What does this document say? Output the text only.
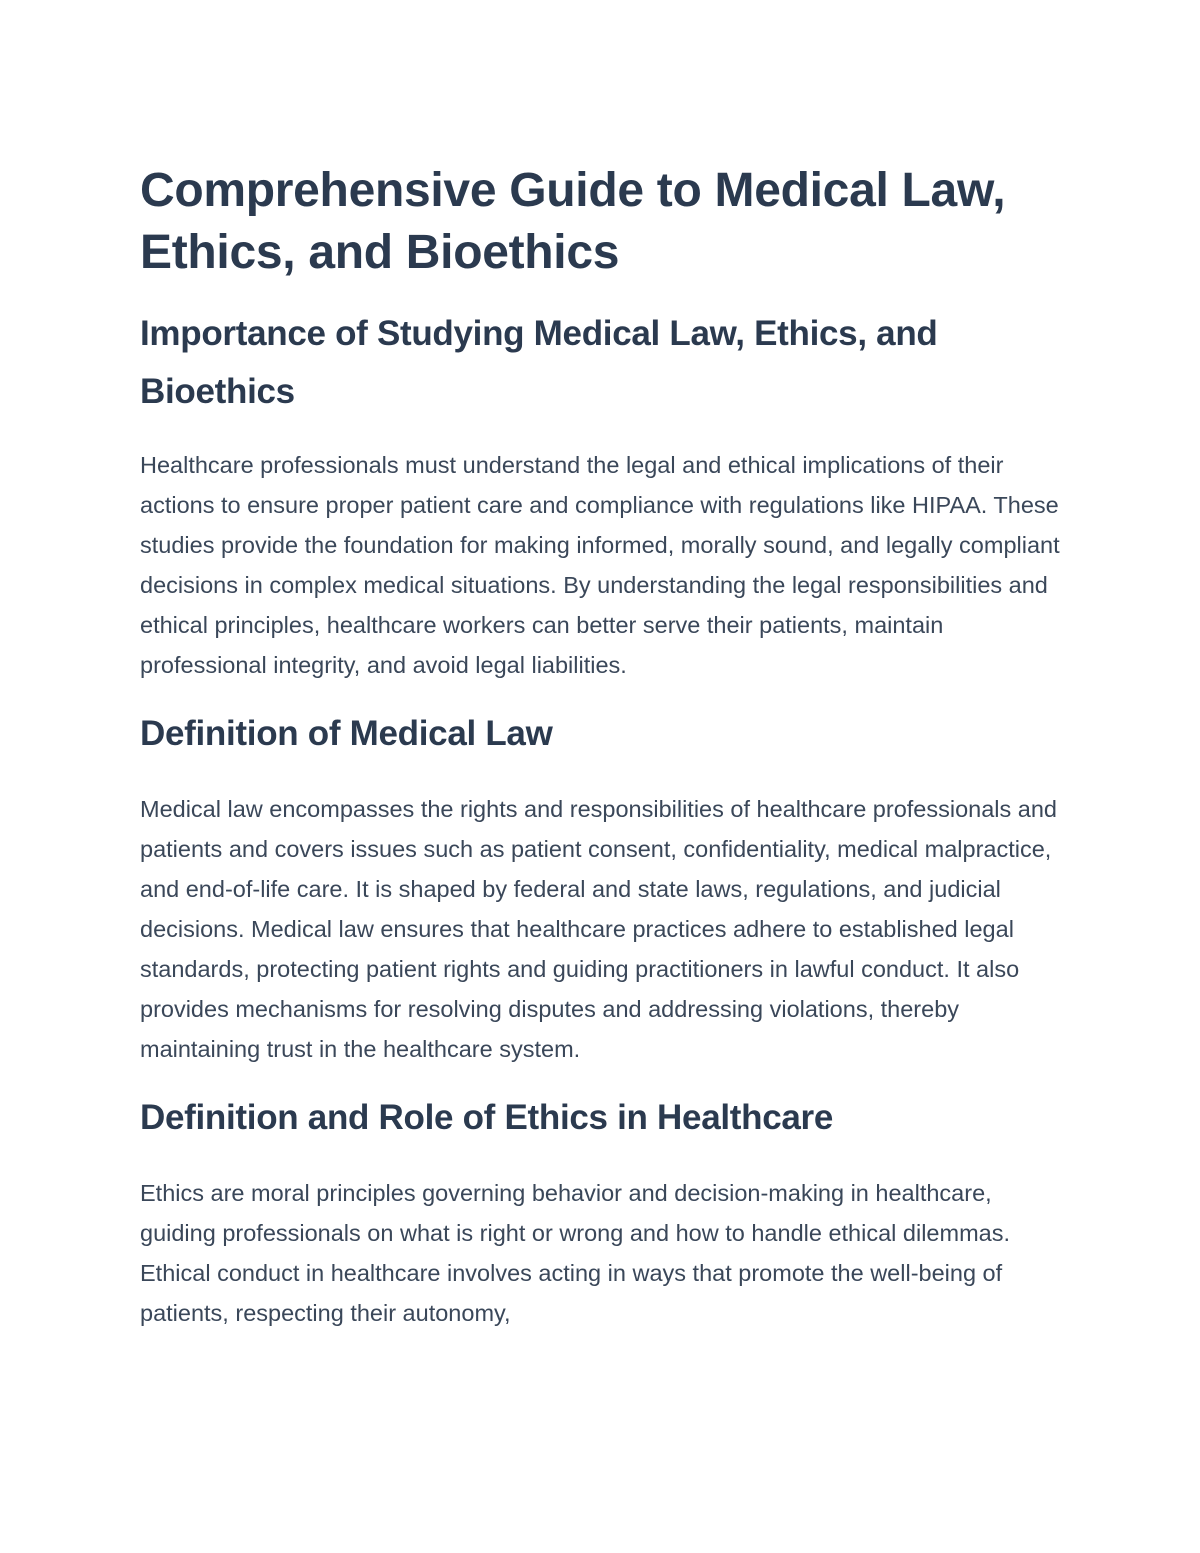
Comprehensive Guide to Medical Law, Ethics, and Bioethics
Importance of Studying Medical Law, Ethics, and Bioethics

Healthcare professionals must understand the legal and ethical implications of their actions to ensure proper patient care and compliance with regulations like HIPAA. These studies provide the foundation for making informed, morally sound, and legally compliant decisions in complex medical situations. By understanding the legal responsibilities and ethical principles, healthcare workers can better serve their patients, maintain professional integrity, and avoid legal liabilities.

Definition of Medical Law

Medical law encompasses the rights and responsibilities of healthcare professionals and patients and covers issues such as patient consent, confidentiality, medical malpractice, and end-of-life care. It is shaped by federal and state laws, regulations, and judicial decisions. Medical law ensures that healthcare practices adhere to established legal standards, protecting patient rights and guiding practitioners in lawful conduct. It also provides mechanisms for resolving disputes and addressing violations, thereby maintaining trust in the healthcare system.

Definition and Role of Ethics in Healthcare

Ethics are moral principles governing behavior and decision-making in healthcare, guiding professionals on what is right or wrong and how to handle ethical dilemmas. Ethical conduct in healthcare involves acting in ways that promote the well-being of patients, respecting their autonomy,
